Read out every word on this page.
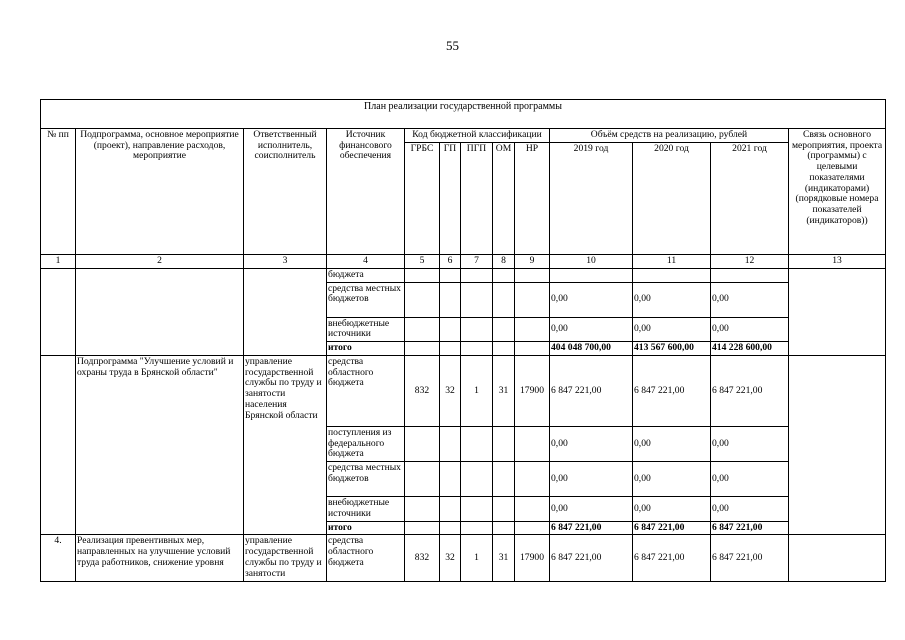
55
План реализации государственной программы												
№ пп	Подпрограмма, основное мероприятие (проект), направление расходов, мероприятие	Ответственный исполнитель, соисполнитель	Источник финансового обеспечения	Код бюджетной классификации					Объём средств на реализацию, рублей			Связь основного мероприятия, проекта (программы) с целевыми показателями (индикаторами) (порядковые номера показателей (индикаторов))
				ГРБС	ГП	ПГП	ОМ	НР	2019 год	2020 год	2021 год	
1	2	3	4	5	6	7	8	9	10	11	12	13
			бюджета									
			средства местных бюджетов						0,00	0,00	0,00	
			внебюджетные источники						0,00	0,00	0,00	
			итого						404 048 700,00	413 567 600,00	414 228 600,00	
	Подпрограмма "Улучшение условий и охраны труда в Брянской области"	управление государственной службы по труду и занятости населения Брянской области	средства областного бюджета	832	32	1	31	17900	6 847 221,00	6 847 221,00	6 847 221,00	
			поступления из федерального бюджета						0,00	0,00	0,00	
			средства местных бюджетов						0,00	0,00	0,00	
			внебюджетные источники						0,00	0,00	0,00	
			итого						6 847 221,00	6 847 221,00	6 847 221,00	
4.	Реализация превентивных мер, направленных на улучшение условий труда работников, снижение уровня	управление государственной службы по труду и занятости	средства областного бюджета	832	32	1	31	17900	6 847 221,00	6 847 221,00	6 847 221,00	
